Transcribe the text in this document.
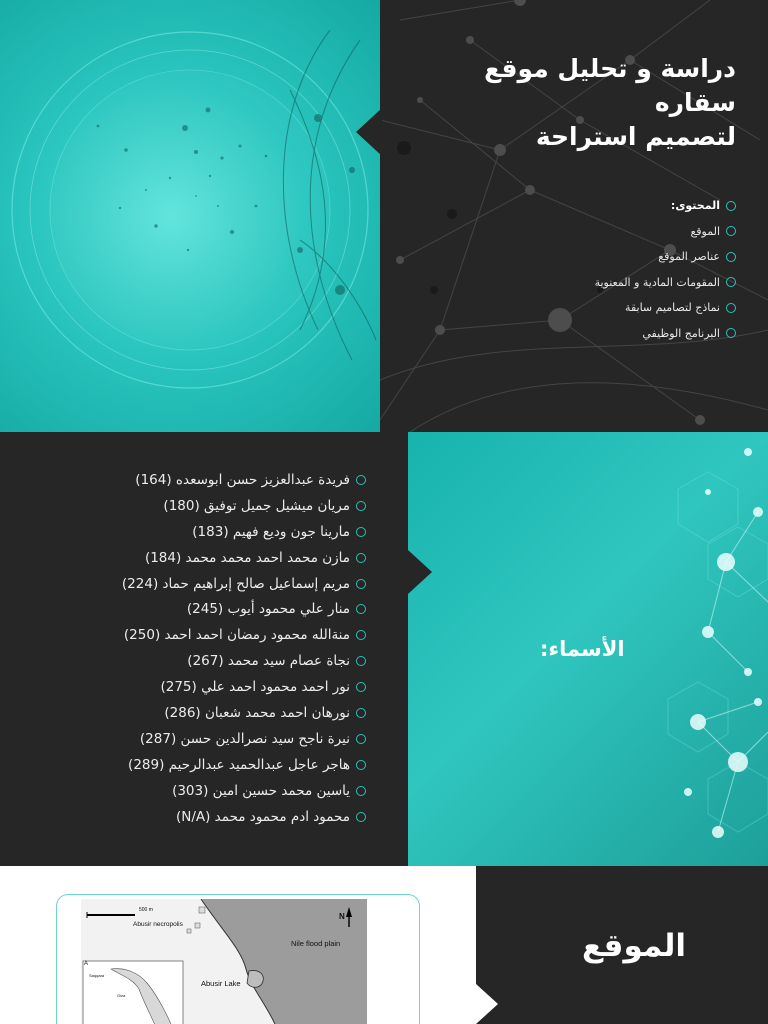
دراسة و تحليل موقع سقاره
لتصميم استراحة
المحتوى:
الموقع
عناصر الموقع
المقومات المادية و المعنوية
نماذج لتصاميم سابقة
البرنامج الوظيفي
الأسماء:
فريدة عبدالعزيز حسن ابوسعده (164)
مريان ميشيل جميل توفيق (180)
مارينا جون وديع فهيم (183)
مازن محمد احمد محمد محمد (184)
مريم إسماعيل صالح إبراهيم حماد (224)
منار علي محمود أيوب (245)
منةالله محمود رمضان احمد احمد (250)
نجاة عصام سيد محمد (267)
نور احمد محمود احمد علي (275)
نورهان احمد محمد شعبان (286)
نيرة ناجح سيد نصرالدين حسن (287)
هاجر عاجل عبدالحميد عبدالرحيم (289)
ياسين محمد حسين امين (303)
محمود ادم محمود محمد (N/A)
500 m
N
Abusir necropolis
Nile flood plain
Abusir Lake
A
Saqqara
Giza
الموقع
